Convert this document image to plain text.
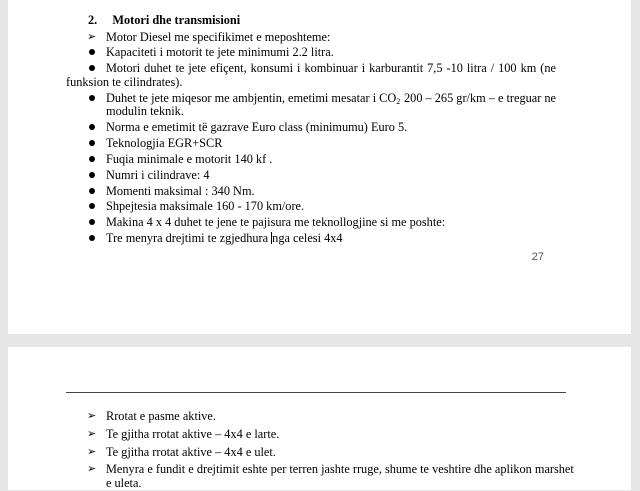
2. Motori dhe transmisioni
➢ Motor Diesel me specifikimet e meposhteme:
Kapaciteti i motorit te jete minimumi 2.2 litra.
Motori duhet te jete efiçent, konsumi i kombinuar i karburantit 7,5 -10 litra / 100 km (ne
funksion te cilindrates).
Duhet te jete miqesor me ambjentin, emetimi mesatar i $CO_2$ 200 – 265 gr/km – e treguar ne
modulin teknik.
Norma e emetimit të gazrave Euro class (minimumu) Euro 5.
Teknologjia EGR+SCR
Fuqia minimale e motorit 140 kf .
Numri i cilindrave: 4
Momenti maksimal : 340 Nm.
Shpejtesia maksimale 160 - 170 km/ore.
Makina 4 x 4 duhet te jene te pajisura me teknollogjine si me poshte:
Tre menyra drejtimi te zgjedhura nga celesi 4x4
27
➢ Rrotat e pasme aktive.
➢ Te gjitha rrotat aktive – 4x4 e larte.
➢ Te gjitha rrotat aktive – 4x4 e ulet.
➢ Menyra e fundit e drejtimit eshte per terren jashte rruge, shume te veshtire dhe aplikon marshet
e uleta.
